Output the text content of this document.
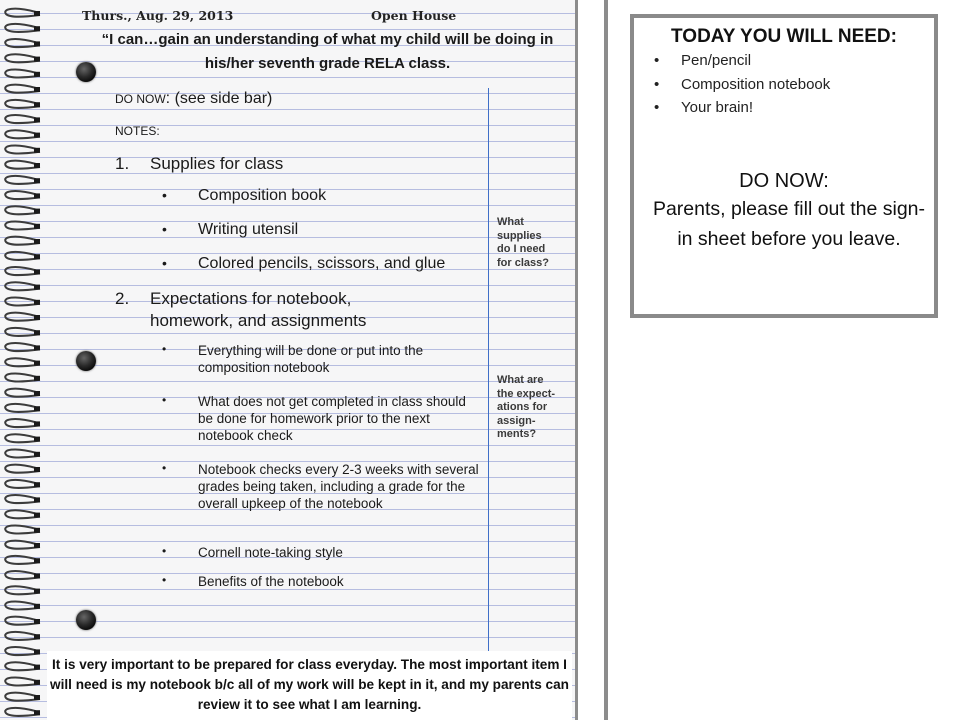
Thurs., Aug. 29, 2013	Open House
“I can…gain an understanding of what my child will be doing in his/her seventh grade RELA class.
DO NOW: (see side bar)
NOTES:
1. Supplies for class
• Composition book
• Writing utensil
• Colored pencils, scissors, and glue
2. Expectations for notebook,
homework, and assignments
• Everything will be done or put into the composition notebook
• What does not get completed in class should be done for homework prior to the next notebook check
• Notebook checks every 2-3 weeks with several grades being taken, including a grade for the overall upkeep of the notebook
• Cornell note-taking style
• Benefits of the notebook
What
supplies
do I need
for class?
What are
the expect-
ations for
assign-
ments?
It is very important to be prepared for class everyday. The most important item I will need is my notebook b/c all of my work will be kept in it, and my parents can review it to see what I am learning.
TODAY YOU WILL NEED:
• Pen/pencil
• Composition notebook
• Your brain!
DO NOW:
Parents, please fill out the sign-in sheet before you leave.
